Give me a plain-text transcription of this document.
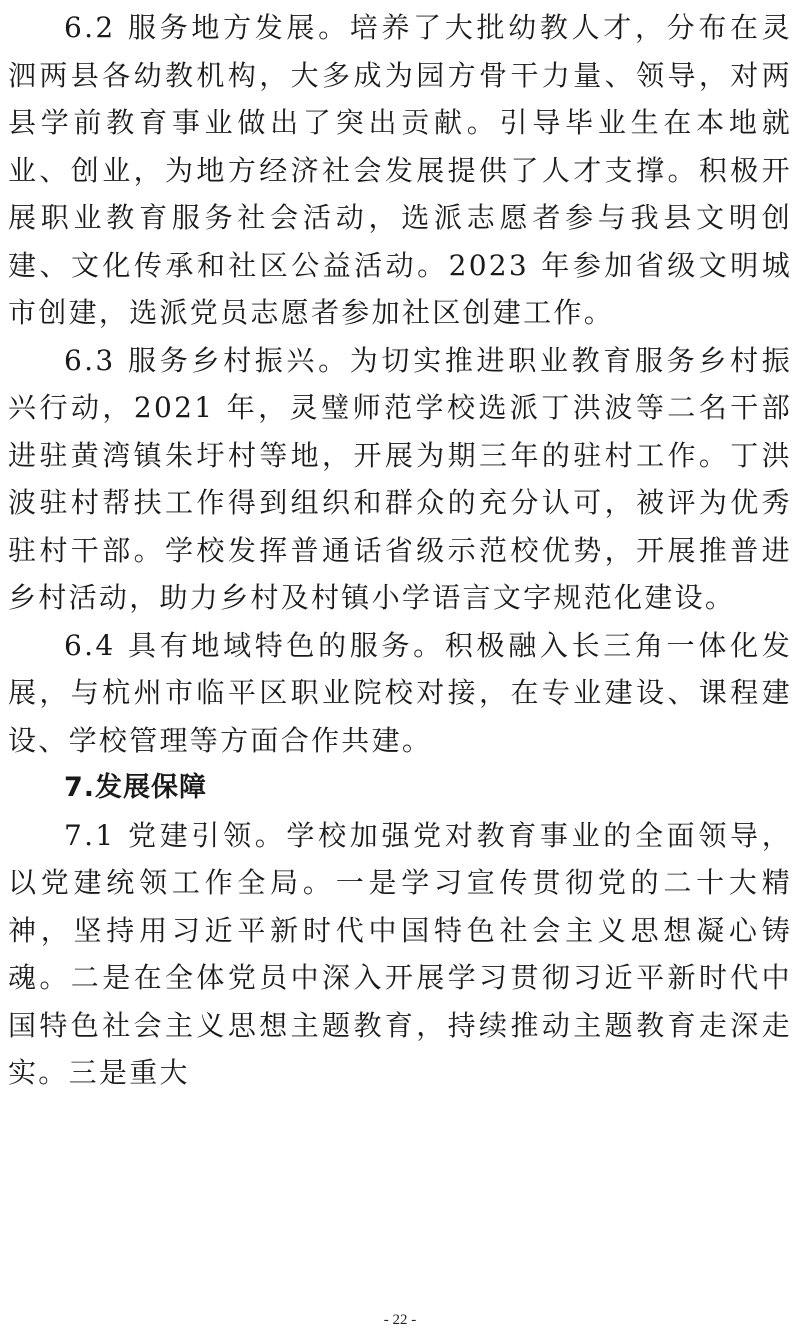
6.2 服务地方发展。培养了大批幼教人才，分布在灵泗两县各幼教机构，大多成为园方骨干力量、领导，对两县学前教育事业做出了突出贡献。引导毕业生在本地就业、创业，为地方经济社会发展提供了人才支撑。积极开展职业教育服务社会活动，选派志愿者参与我县文明创建、文化传承和社区公益活动。2023 年参加省级文明城市创建，选派党员志愿者参加社区创建工作。

6.3 服务乡村振兴。为切实推进职业教育服务乡村振兴行动，2021 年，灵璧师范学校选派丁洪波等二名干部进驻黄湾镇朱圩村等地，开展为期三年的驻村工作。丁洪波驻村帮扶工作得到组织和群众的充分认可，被评为优秀驻村干部。学校发挥普通话省级示范校优势，开展推普进乡村活动，助力乡村及村镇小学语言文字规范化建设。

6.4 具有地域特色的服务。积极融入长三角一体化发展，与杭州市临平区职业院校对接，在专业建设、课程建设、学校管理等方面合作共建。

7.发展保障

7.1 党建引领。学校加强党对教育事业的全面领导，以党建统领工作全局。一是学习宣传贯彻党的二十大精神，坚持用习近平新时代中国特色社会主义思想凝心铸魂。二是在全体党员中深入开展学习贯彻习近平新时代中国特色社会主义思想主题教育，持续推动主题教育走深走实。三是重大

- 22 -
